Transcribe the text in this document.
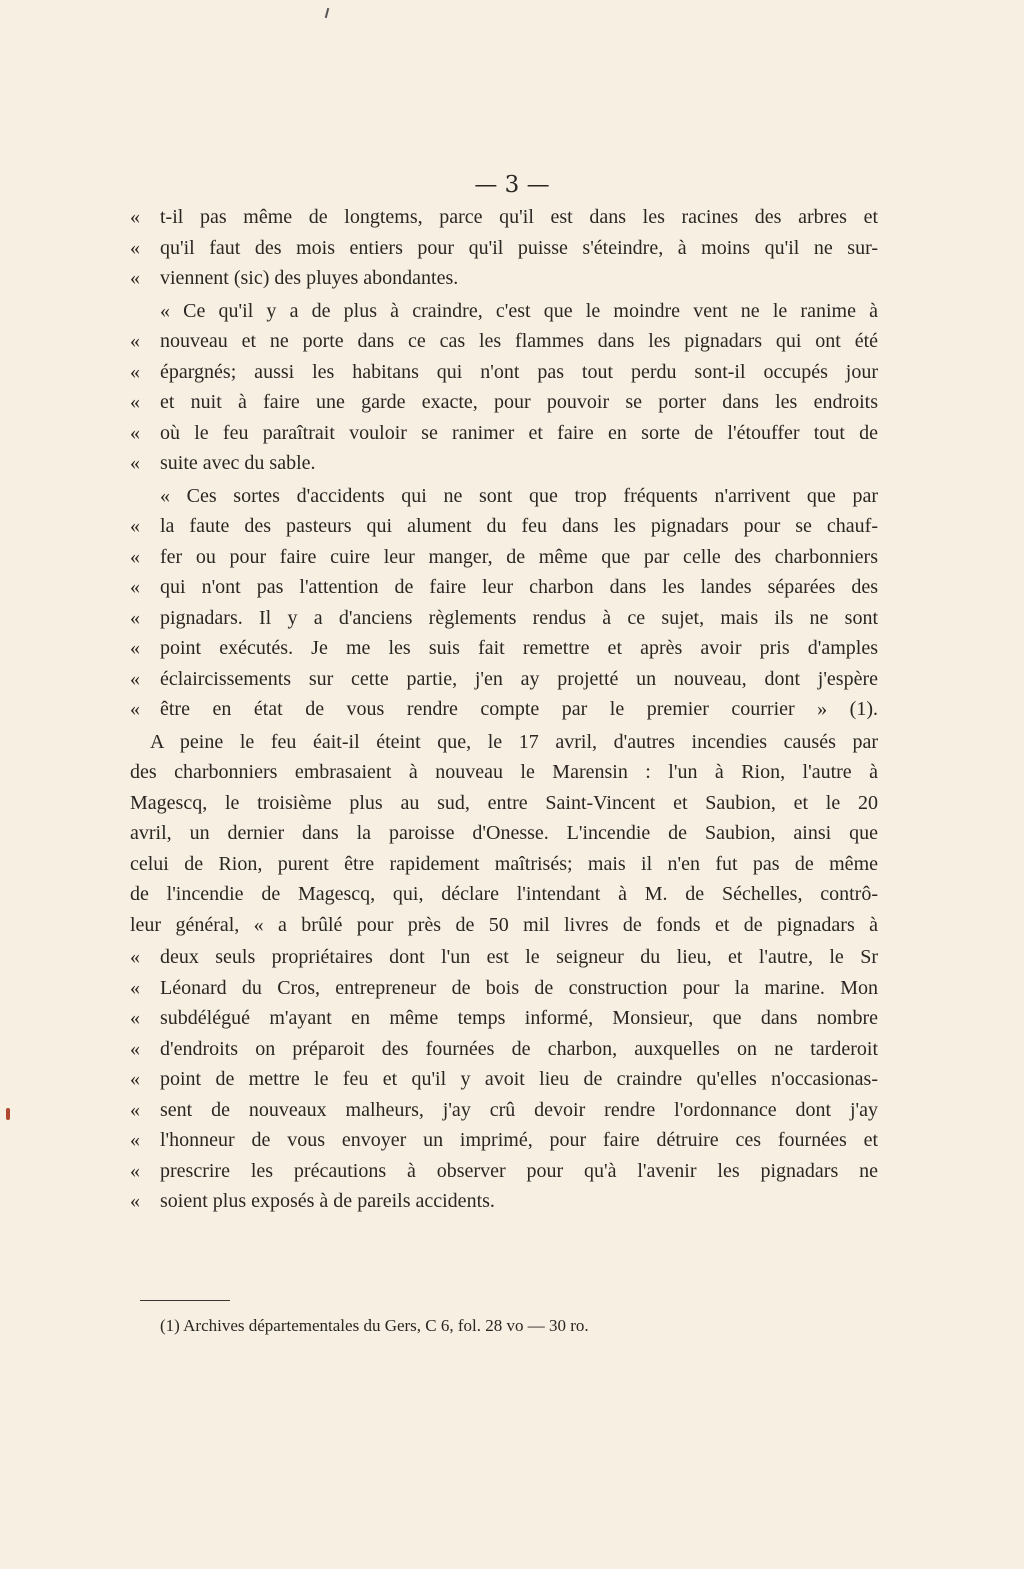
— 3 —
«	t-il pas même de longtems, parce qu'il est dans les racines des arbres et
«	qu'il faut des mois entiers pour qu'il puisse s'éteindre, à moins qu'il ne sur-
«	viennent (sic) des pluyes abondantes.
« Ce qu'il y a de plus à craindre, c'est que le moindre vent ne le ranime à
«	nouveau et ne porte dans ce cas les flammes dans les pignadars qui ont été
«	épargnés; aussi les habitans qui n'ont pas tout perdu sont-il occupés jour
«	et nuit à faire une garde exacte, pour pouvoir se porter dans les endroits
«	où le feu paraîtrait vouloir se ranimer et faire en sorte de l'étouffer tout de
«	suite avec du sable.
« Ces sortes d'accidents qui ne sont que trop fréquents n'arrivent que par
«	la faute des pasteurs qui alument du feu dans les pignadars pour se chauf-
«	fer ou pour faire cuire leur manger, de même que par celle des charbonniers
«	qui n'ont pas l'attention de faire leur charbon dans les landes séparées des
«	pignadars. Il y a d'anciens règlements rendus à ce sujet, mais ils ne sont
«	point exécutés. Je me les suis fait remettre et après avoir pris d'amples
«	éclaircissements sur cette partie, j'en ay projetté un nouveau, dont j'espère
«	être en état de vous rendre compte par le premier courrier » (1).
A peine le feu éait-il éteint que, le 17 avril, d'autres incendies causés par
des charbonniers embrasaient à nouveau le Marensin : l'un à Rion, l'autre à
Magescq, le troisième plus au sud, entre Saint-Vincent et Saubion, et le 20
avril, un dernier dans la paroisse d'Onesse. L'incendie de Saubion, ainsi que
celui de Rion, purent être rapidement maîtrisés; mais il n'en fut pas de même
de l'incendie de Magescq, qui, déclare l'intendant à M. de Séchelles, contrô-
leur général, « a brûlé pour près de 50 mil livres de fonds et de pignadars à
«	deux seuls propriétaires dont l'un est le seigneur du lieu, et l'autre, le Sr
«	Léonard du Cros, entrepreneur de bois de construction pour la marine. Mon
«	subdélégué m'ayant en même temps informé, Monsieur, que dans nombre
«	d'endroits on préparoit des fournées de charbon, auxquelles on ne tarderoit
«	point de mettre le feu et qu'il y avoit lieu de craindre qu'elles n'occasionas-
«	sent de nouveaux malheurs, j'ay crû devoir rendre l'ordonnance dont j'ay
«	l'honneur de vous envoyer un imprimé, pour faire détruire ces fournées et
«	prescrire les précautions à observer pour qu'à l'avenir les pignadars ne
«	soient plus exposés à de pareils accidents.
(1) Archives départementales du Gers, C 6, fol. 28 vo — 30 ro.
